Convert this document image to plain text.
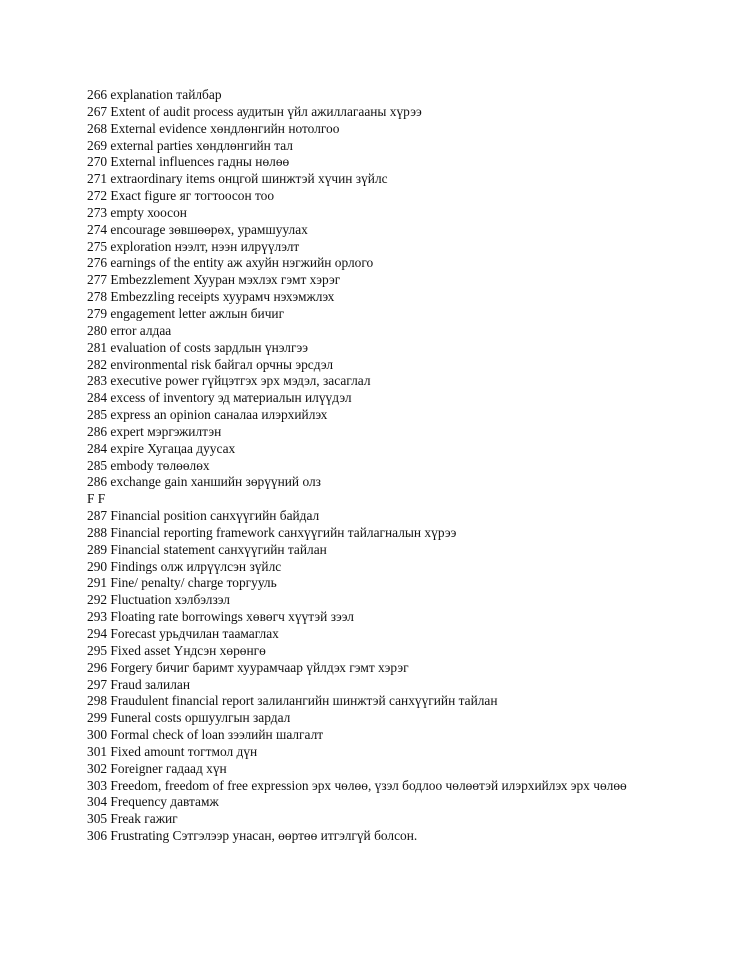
266 explanation тайлбар
267 Extent of audit process аудитын үйл ажиллагааны хүрээ
268 External evidence хөндлөнгийн нотолгоо
269 external parties хөндлөнгийн тал
270 External influences гадны нөлөө
271 extraordinary items онцгой шинжтэй хүчин зүйлс
272 Exact figure яг тогтоосон тоо
273 empty хоосон
274 encourage зөвшөөрөх, урамшуулах
275 exploration нээлт, нээн илрүүлэлт
276 earnings of the entity аж ахуйн нэгжийн орлого
277 Embezzlement Хууран мэхлэх гэмт хэрэг
278 Embezzling receipts хуурамч нэхэмжлэх
279 engagement letter ажлын бичиг
280 error алдаа
281 evaluation of costs зардлын үнэлгээ
282 environmental risk байгал орчны эрсдэл
283 executive power гүйцэтгэх эрх мэдэл, засаглал
284 excess of inventory эд материалын илүүдэл
285 express an opinion саналаа илэрхийлэх
286 expert мэргэжилтэн
284 expire Хугацаа дуусах
285 embody төлөөлөх
286 exchange gain ханшийн зөрүүний олз
F F
287 Financial position санхүүгийн байдал
288 Financial reporting framework санхүүгийн тайлагналын хүрээ
289 Financial statement санхүүгийн тайлан
290 Findings олж илрүүлсэн зүйлс
291 Fine/ penalty/ charge торгууль
292 Fluctuation хэлбэлзэл
293 Floating rate borrowings хөвөгч хүүтэй зээл
294 Forecast урьдчилан таамаглах
295 Fixed asset Үндсэн хөрөнгө
296 Forgery бичиг баримт хуурамчаар үйлдэх гэмт хэрэг
297 Fraud залилан
298 Fraudulent financial report залилангийн шинжтэй санхүүгийн тайлан
299 Funeral costs оршуулгын зардал
300 Formal check of loan зээлийн шалгалт
301 Fixed amount тогтмол дүн
302 Foreigner гадаад хүн
303 Freedom, freedom of free expression эрх чөлөө, үзэл бодлоо чөлөөтэй илэрхийлэх эрх чөлөө
304 Frequency давтамж
305 Freak гажиг
306 Frustrating Сэтгэлээр унасан, өөртөө итгэлгүй болсон.
